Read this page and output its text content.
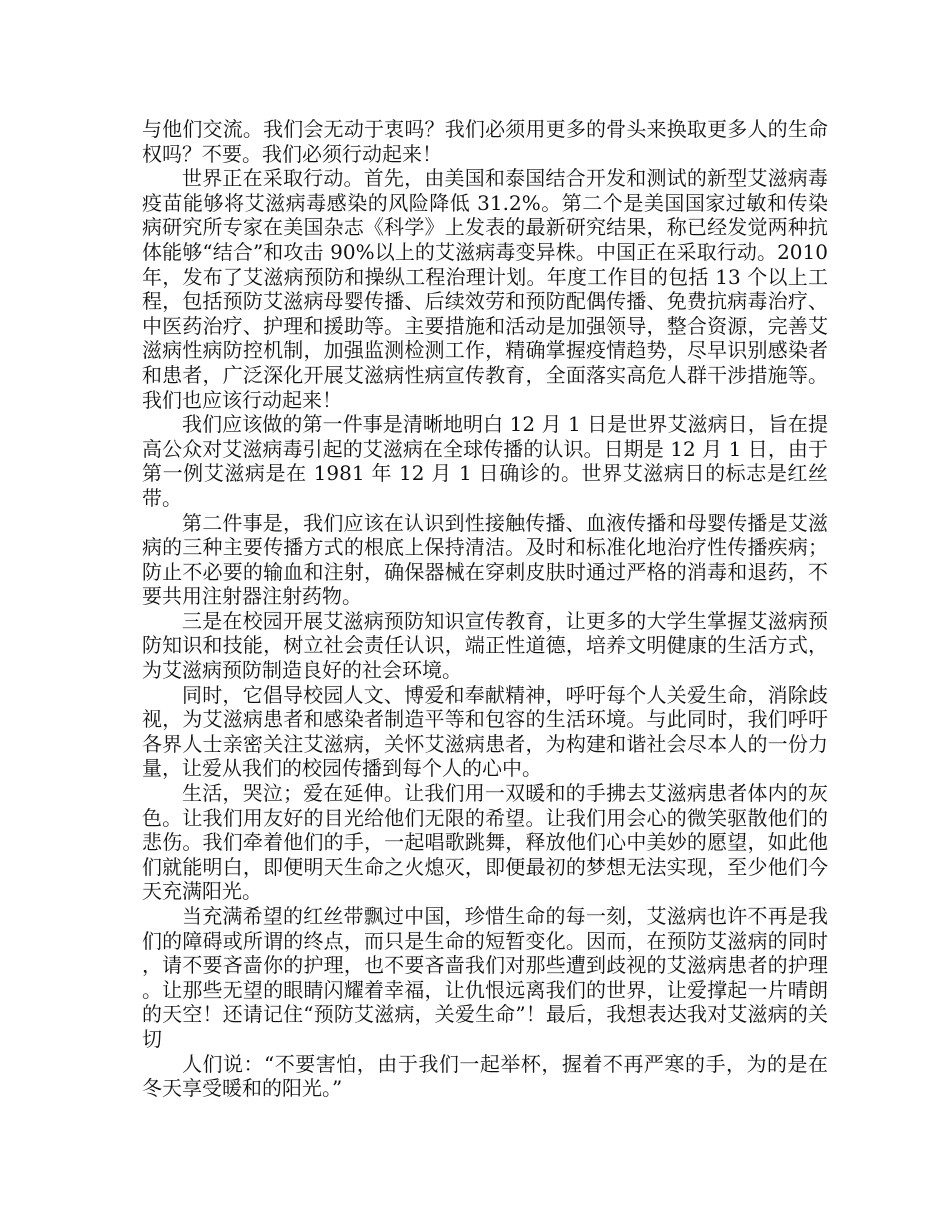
与他们交流。我们会无动于衷吗？我们必须用更多的骨头来换取更多人的生命权吗？不要。我们必须行动起来！

世界正在采取行动。首先，由美国和泰国结合开发和测试的新型艾滋病毒疫苗能够将艾滋病毒感染的风险降低 31.2%。第二个是美国国家过敏和传染病研究所专家在美国杂志《科学》上发表的最新研究结果，称已经发觉两种抗体能够“结合”和攻击 90%以上的艾滋病毒变异株。中国正在采取行动。2010 年，发布了艾滋病预防和操纵工程治理计划。年度工作目的包括 13 个以上工程，包括预防艾滋病母婴传播、后续效劳和预防配偶传播、免费抗病毒治疗、中医药治疗、护理和援助等。主要措施和活动是加强领导，整合资源，完善艾滋病性病防控机制，加强监测检测工作，精确掌握疫情趋势，尽早识别感染者和患者，广泛深化开展艾滋病性病宣传教育，全面落实高危人群干涉措施等。我们也应该行动起来！

我们应该做的第一件事是清晰地明白 12 月 1 日是世界艾滋病日，旨在提高公众对艾滋病毒引起的艾滋病在全球传播的认识。日期是 12 月 1 日，由于第一例艾滋病是在 1981 年 12 月 1 日确诊的。世界艾滋病日的标志是红丝带。

第二件事是，我们应该在认识到性接触传播、血液传播和母婴传播是艾滋病的三种主要传播方式的根底上保持清洁。及时和标准化地治疗性传播疾病；防止不必要的输血和注射，确保器械在穿刺皮肤时通过严格的消毒和退药，不要共用注射器注射药物。

三是在校园开展艾滋病预防知识宣传教育，让更多的大学生掌握艾滋病预防知识和技能，树立社会责任认识，端正性道德，培养文明健康的生活方式，为艾滋病预防制造良好的社会环境。

同时，它倡导校园人文、博爱和奉献精神，呼吁每个人关爱生命，消除歧视，为艾滋病患者和感染者制造平等和包容的生活环境。与此同时，我们呼吁各界人士亲密关注艾滋病，关怀艾滋病患者，为构建和谐社会尽本人的一份力量，让爱从我们的校园传播到每个人的心中。

生活，哭泣；爱在延伸。让我们用一双暖和的手拂去艾滋病患者体内的灰色。让我们用友好的目光给他们无限的希望。让我们用会心的微笑驱散他们的悲伤。我们牵着他们的手，一起唱歌跳舞，释放他们心中美妙的愿望，如此他们就能明白，即便明天生命之火熄灭，即便最初的梦想无法实现，至少他们今天充满阳光。

当充满希望的红丝带飘过中国，珍惜生命的每一刻，艾滋病也许不再是我们的障碍或所谓的终点，而只是生命的短暂变化。因而，在预防艾滋病的同时，请不要吝啬你的护理，也不要吝啬我们对那些遭到歧视的艾滋病患者的护理。让那些无望的眼睛闪耀着幸福，让仇恨远离我们的世界，让爱撑起一片晴朗的天空！还请记住“预防艾滋病，关爱生命”！最后，我想表达我对艾滋病的关切

人们说：“不要害怕，由于我们一起举杯，握着不再严寒的手，为的是在冬天享受暖和的阳光。”
